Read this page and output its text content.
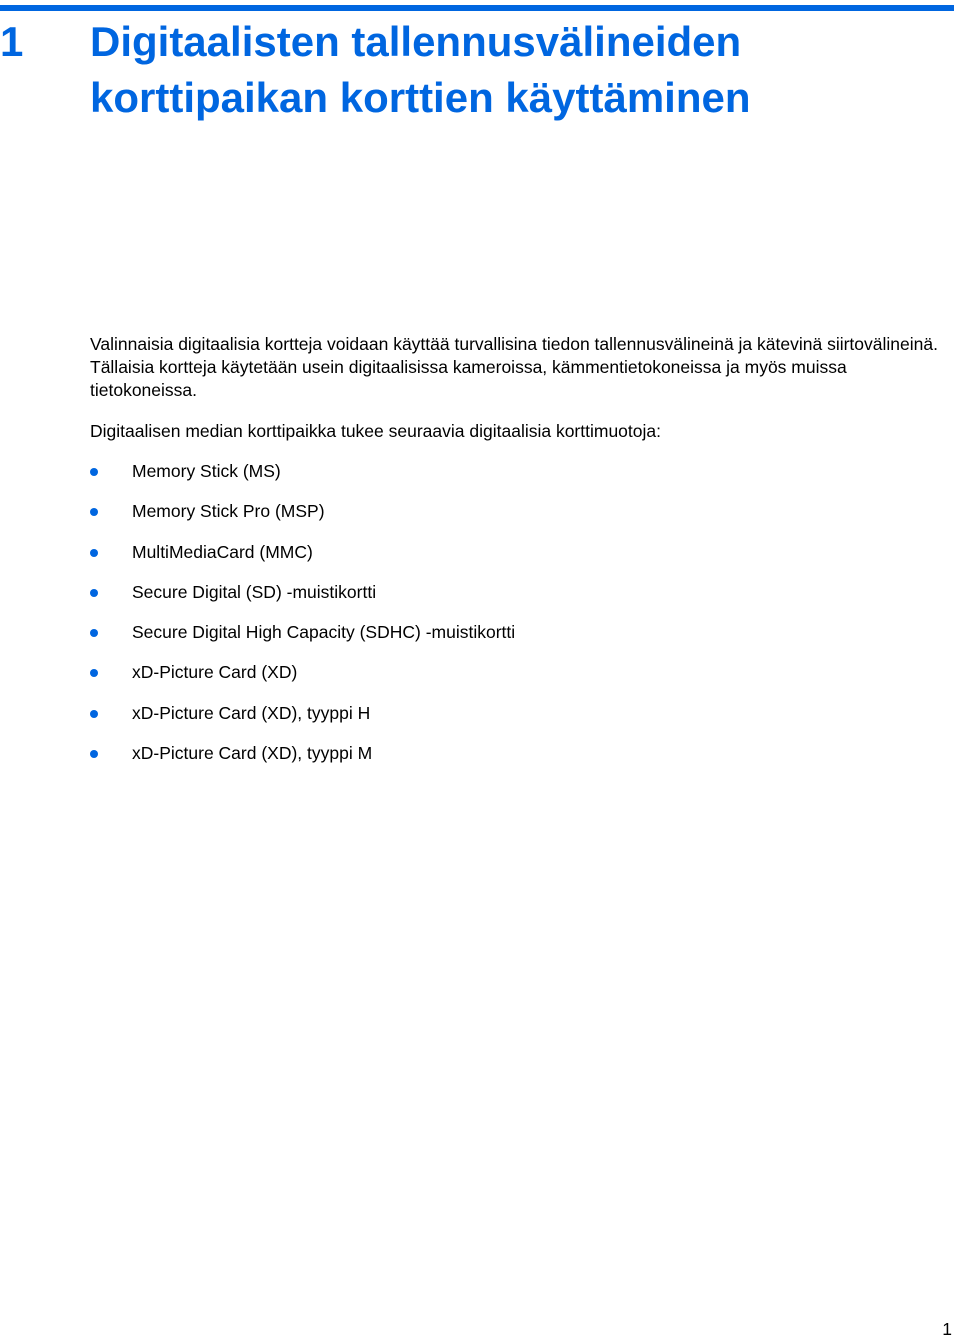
1 Digitaalisten tallennusvälineiden korttipaikan korttien käyttäminen

Valinnaisia digitaalisia kortteja voidaan käyttää turvallisina tiedon tallennusvälineinä ja kätevinä siirtovälineinä. Tällaisia kortteja käytetään usein digitaalisissa kameroissa, kämmentietokoneissa ja myös muissa tietokoneissa.

Digitaalisen median korttipaikka tukee seuraavia digitaalisia korttimuotoja:

Memory Stick (MS)
Memory Stick Pro (MSP)
MultiMediaCard (MMC)
Secure Digital (SD) -muistikortti
Secure Digital High Capacity (SDHC) -muistikortti
xD-Picture Card (XD)
xD-Picture Card (XD), tyyppi H
xD-Picture Card (XD), tyyppi M
1
